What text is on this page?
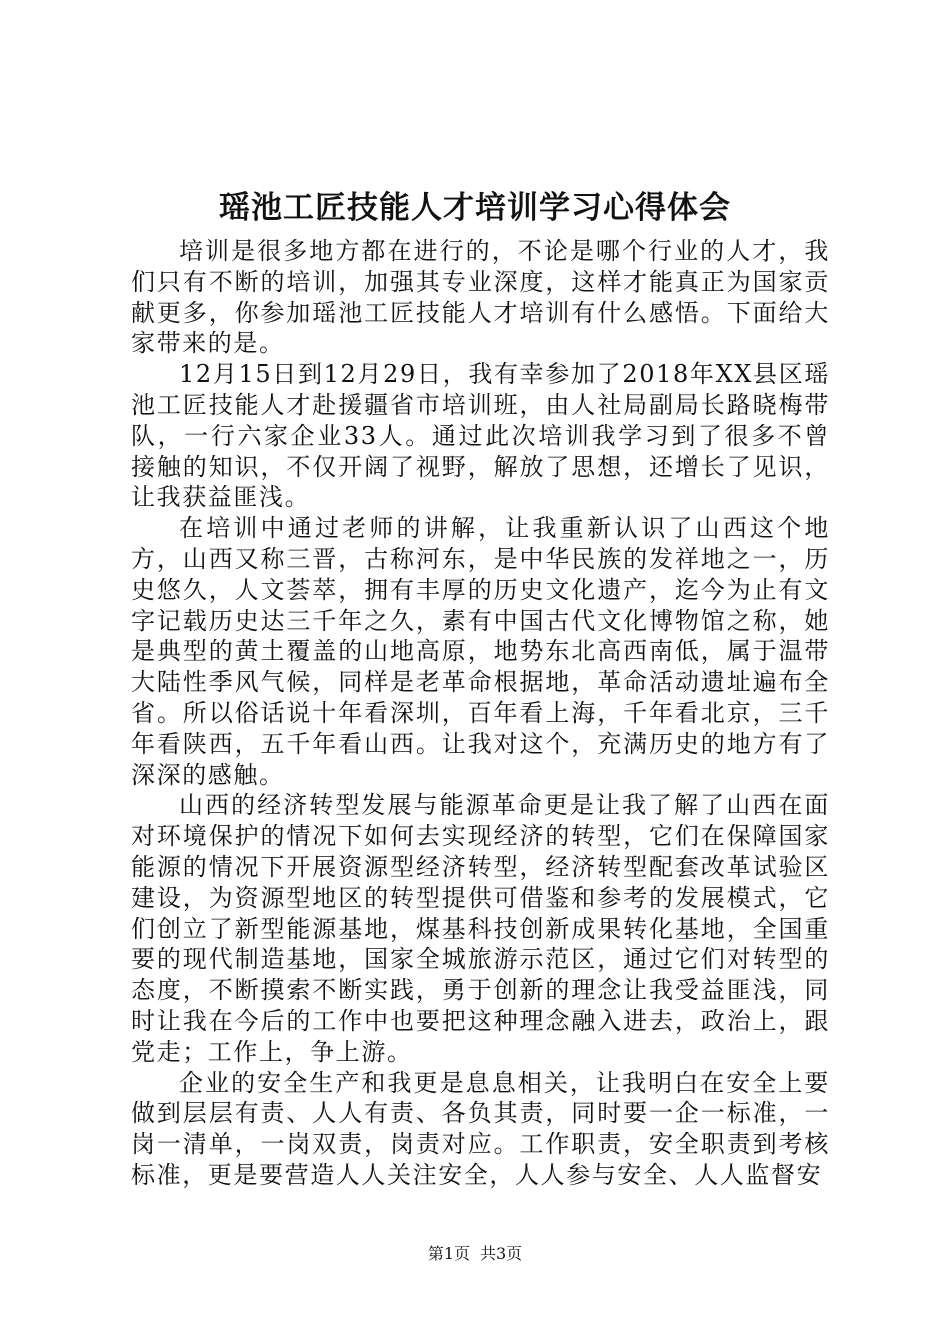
瑶池工匠技能人才培训学习心得体会

培训是很多地方都在进行的，不论是哪个行业的人才，我们只有不断的培训，加强其专业深度，这样才能真正为国家贡献更多，你参加瑶池工匠技能人才培训有什么感悟。下面给大家带来的是。

12月15日到12月29日，我有幸参加了2018年XX县区瑶池工匠技能人才赴援疆省市培训班，由人社局副局长路晓梅带队，一行六家企业33人。通过此次培训我学习到了很多不曾接触的知识，不仅开阔了视野，解放了思想，还增长了见识，让我获益匪浅。

在培训中通过老师的讲解，让我重新认识了山西这个地方，山西又称三晋，古称河东，是中华民族的发祥地之一，历史悠久，人文荟萃，拥有丰厚的历史文化遗产，迄今为止有文字记载历史达三千年之久，素有中国古代文化博物馆之称，她是典型的黄土覆盖的山地高原，地势东北高西南低，属于温带大陆性季风气候，同样是老革命根据地，革命活动遗址遍布全省。所以俗话说十年看深圳，百年看上海，千年看北京，三千年看陕西，五千年看山西。让我对这个，充满历史的地方有了深深的感触。

山西的经济转型发展与能源革命更是让我了解了山西在面对环境保护的情况下如何去实现经济的转型，它们在保障国家能源的情况下开展资源型经济转型，经济转型配套改革试验区建设，为资源型地区的转型提供可借鉴和参考的发展模式，它们创立了新型能源基地，煤基科技创新成果转化基地，全国重要的现代制造基地，国家全城旅游示范区，通过它们对转型的态度，不断摸索不断实践，勇于创新的理念让我受益匪浅，同时让我在今后的工作中也要把这种理念融入进去，政治上，跟党走；工作上，争上游。

企业的安全生产和我更是息息相关，让我明白在安全上要做到层层有责、人人有责、各负其责，同时要一企一标准，一岗一清单，一岗双责，岗责对应。工作职责，安全职责到考核标准，更是要营造人人关注安全，人人参与安全、人人监督安

第1页 共3页
